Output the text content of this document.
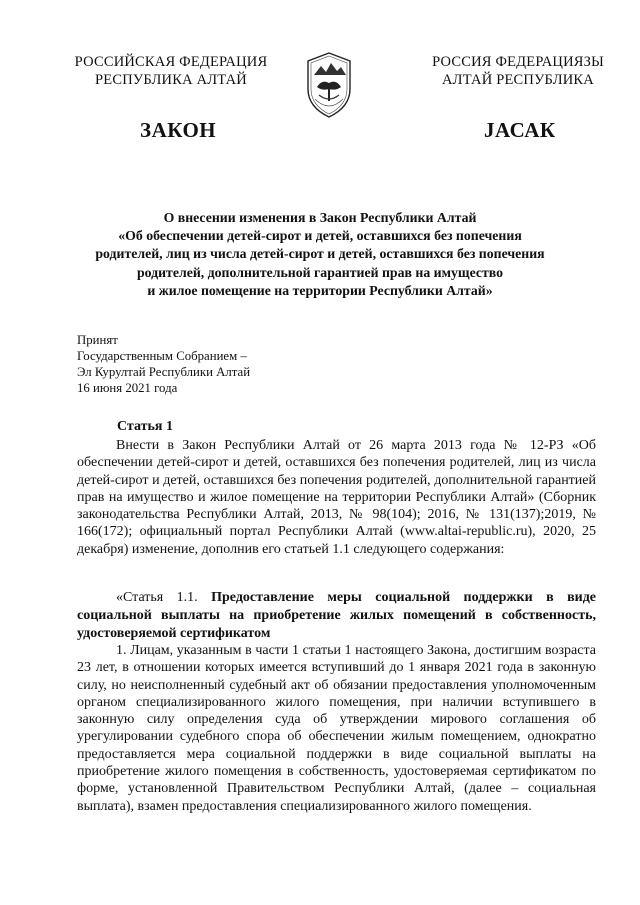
РОССИЙСКАЯ ФЕДЕРАЦИЯ
РЕСПУБЛИКА АЛТАЙ
РОССИЯ ФЕДЕРАЦИЯЗЫ
АЛТАЙ РЕСПУБЛИКА
ЗАКОН	JАСАК
О внесении изменения в Закон Республики Алтай
«Об обеспечении детей-сирот и детей, оставшихся без попечения
родителей, лиц из числа детей-сирот и детей, оставшихся без попечения
родителей, дополнительной гарантией прав на имущество
и жилое помещение на территории Республики Алтай»
Принят
Государственным Собранием –
Эл Курултай Республики Алтай
16 июня 2021 года
Статья 1

Внести в Закон Республики Алтай от 26 марта 2013 года № 12-РЗ «Об обеспечении детей-сирот и детей, оставшихся без попечения родителей, лиц из числа детей-сирот и детей, оставшихся без попечения родителей, дополнительной гарантией прав на имущество и жилое помещение на территории Республики Алтай» (Сборник законодательства Республики Алтай, 2013, № 98(104); 2016, № 131(137);2019, № 166(172); официальный портал Республики Алтай (www.altai-republic.ru), 2020, 25 декабря) изменение, дополнив его статьей 1.1 следующего содержания:

«Статья 1.1. Предоставление меры социальной поддержки в виде социальной выплаты на приобретение жилых помещений в собственность, удостоверяемой сертификатом

1. Лицам, указанным в части 1 статьи 1 настоящего Закона, достигшим возраста 23 лет, в отношении которых имеется вступивший до 1 января 2021 года в законную силу, но неисполненный судебный акт об обязании предоставления уполномоченным органом специализированного жилого помещения, при наличии вступившего в законную силу определения суда об утверждении мирового соглашения об урегулировании судебного спора об обеспечении жилым помещением, однократно предоставляется мера социальной поддержки в виде социальной выплаты на приобретение жилого помещения в собственность, удостоверяемая сертификатом по форме, установленной Правительством Республики Алтай, (далее – социальная выплата), взамен предоставления специализированного жилого помещения.
